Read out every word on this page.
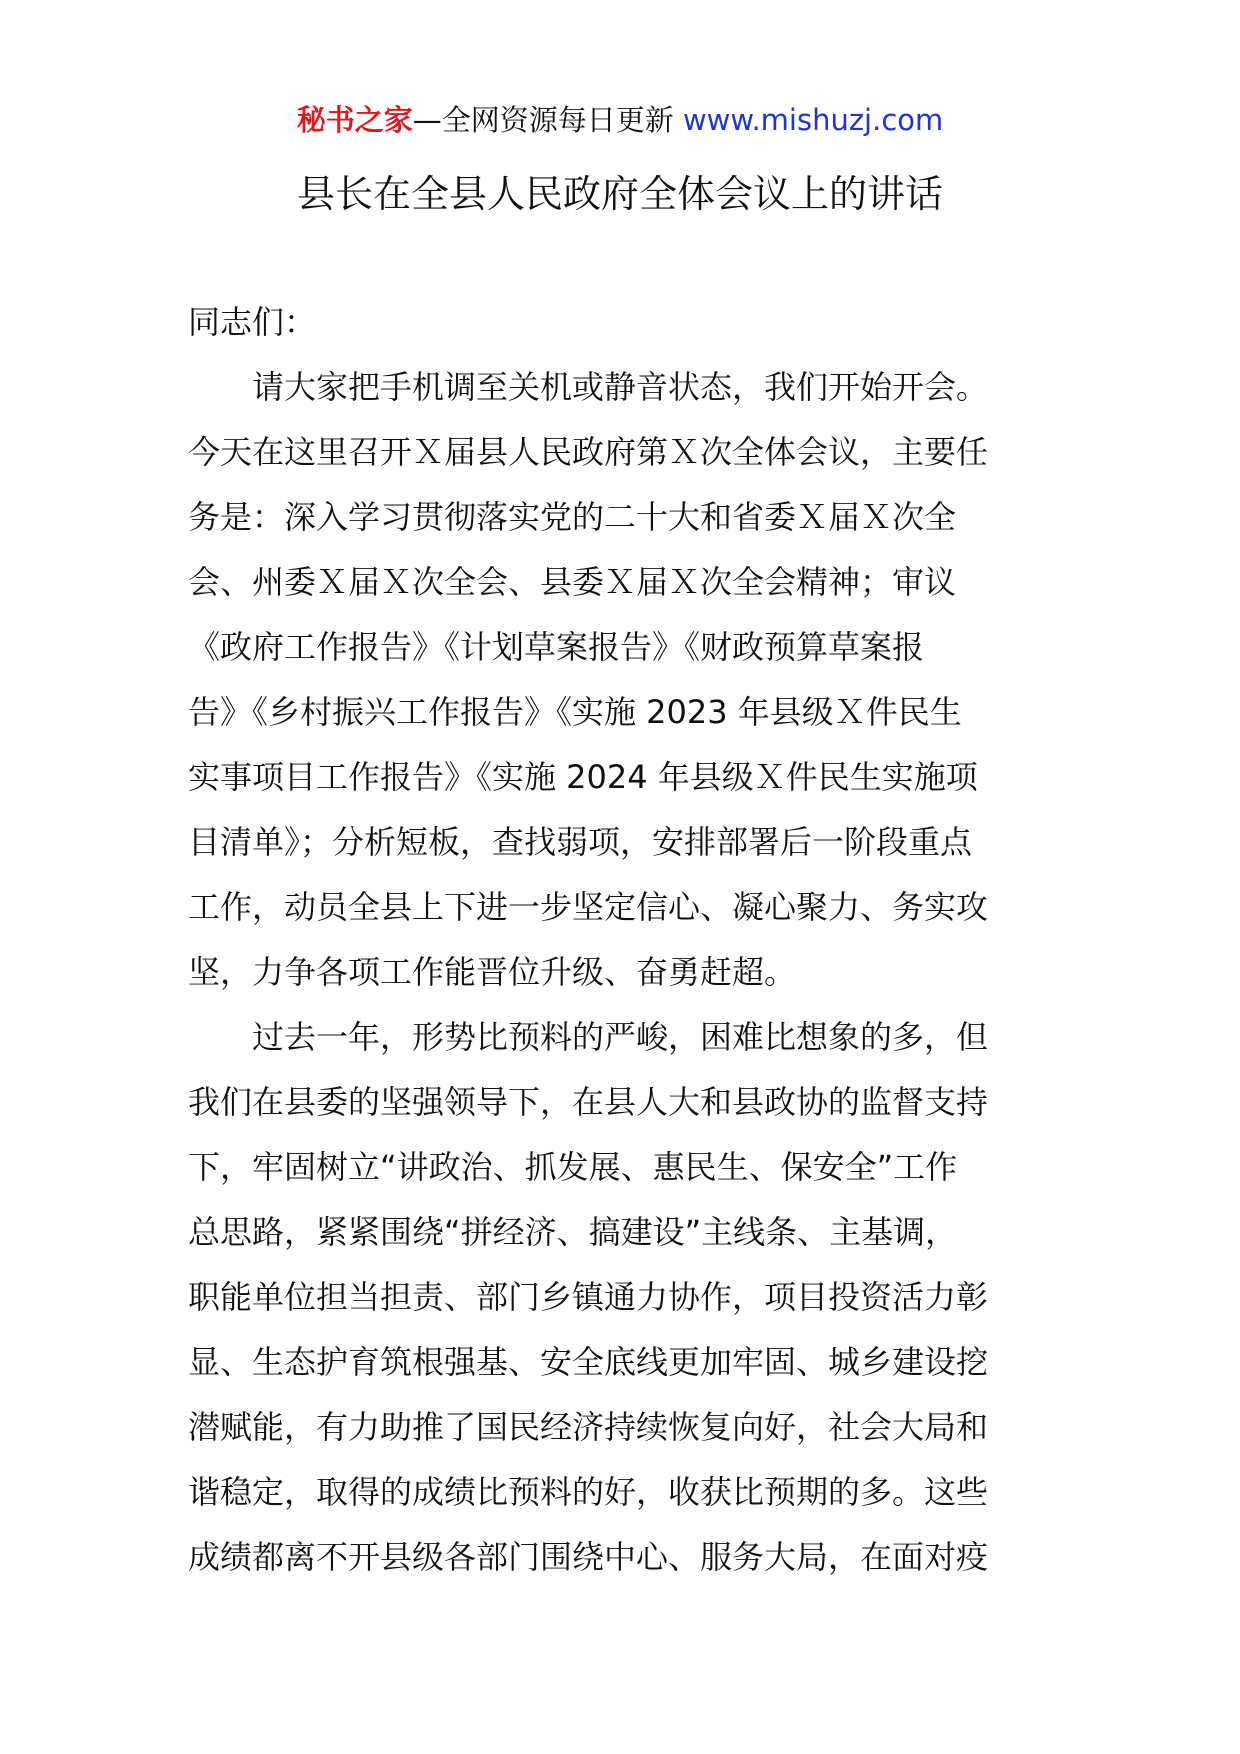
秘书之家—全网资源每日更新 www.mishuzj.com
县长在全县人民政府全体会议上的讲话
同志们：
请大家把手机调至关机或静音状态，我们开始开会。
今天在这里召开Ｘ届县人民政府第Ｘ次全体会议，主要任
务是：深入学习贯彻落实党的二十大和省委Ｘ届Ｘ次全
会、州委Ｘ届Ｘ次全会、县委Ｘ届Ｘ次全会精神；审议
《政府工作报告》《计划草案报告》《财政预算草案报
告》《乡村振兴工作报告》《实施 2023 年县级Ｘ件民生
实事项目工作报告》《实施 2024 年县级Ｘ件民生实施项
目清单》；分析短板，查找弱项，安排部署后一阶段重点
工作，动员全县上下进一步坚定信心、凝心聚力、务实攻
坚，力争各项工作能晋位升级、奋勇赶超。
过去一年，形势比预料的严峻，困难比想象的多，但
我们在县委的坚强领导下，在县人大和县政协的监督支持
下，牢固树立“讲政治、抓发展、惠民生、保安全”工作
总思路，紧紧围绕“拼经济、搞建设”主线条、主基调，
职能单位担当担责、部门乡镇通力协作，项目投资活力彰
显、生态护育筑根强基、安全底线更加牢固、城乡建设挖
潜赋能，有力助推了国民经济持续恢复向好，社会大局和
谐稳定，取得的成绩比预料的好，收获比预期的多。这些
成绩都离不开县级各部门围绕中心、服务大局，在面对疫
